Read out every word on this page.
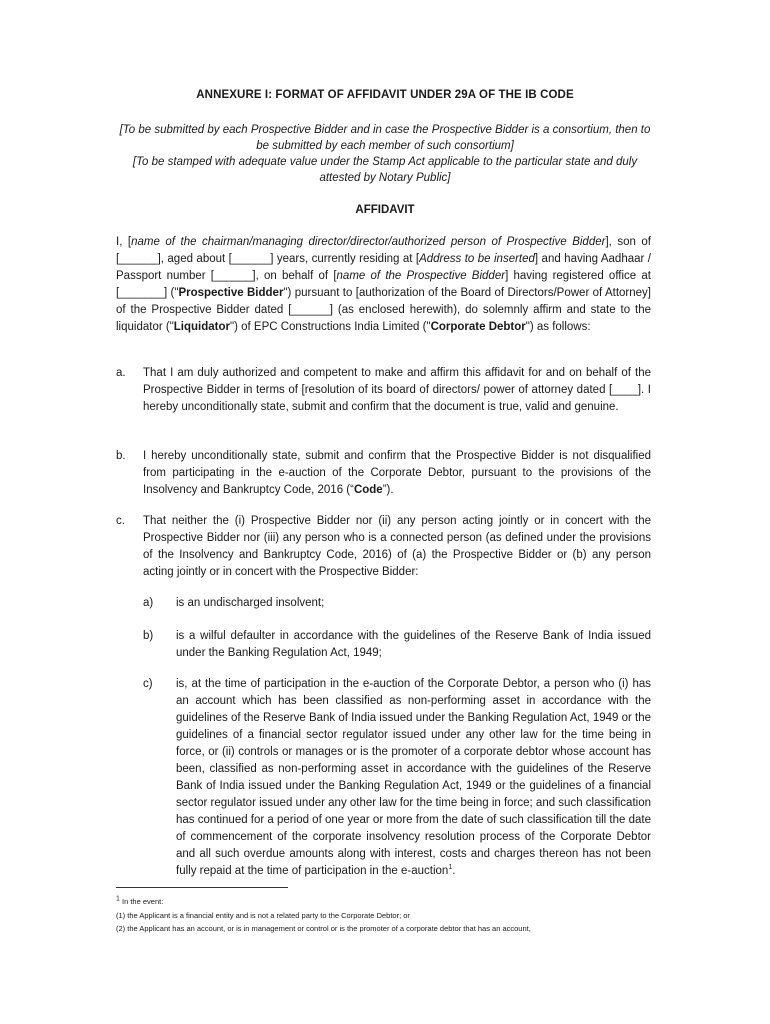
ANNEXURE I: FORMAT OF AFFIDAVIT UNDER 29A OF THE IB CODE
[To be submitted by each Prospective Bidder and in case the Prospective Bidder is a consortium, then to be submitted by each member of such consortium]
[To be stamped with adequate value under the Stamp Act applicable to the particular state and duly attested by Notary Public]
AFFIDAVIT
I, [name of the chairman/managing director/director/authorized person of Prospective Bidder], son of [______], aged about [______] years, currently residing at [Address to be inserted] and having Aadhaar / Passport number [______], on behalf of [name of the Prospective Bidder] having registered office at [_______] ("Prospective Bidder") pursuant to [authorization of the Board of Directors/Power of Attorney] of the Prospective Bidder dated [______] (as enclosed herewith), do solemnly affirm and state to the liquidator ("Liquidator") of EPC Constructions India Limited ("Corporate Debtor") as follows:
a.	That I am duly authorized and competent to make and affirm this affidavit for and on behalf of the Prospective Bidder in terms of [resolution of its board of directors/ power of attorney dated [____]. I hereby unconditionally state, submit and confirm that the document is true, valid and genuine.
b.	I hereby unconditionally state, submit and confirm that the Prospective Bidder is not disqualified from participating in the e-auction of the Corporate Debtor, pursuant to the provisions of the Insolvency and Bankruptcy Code, 2016 (“Code”).
c.	That neither the (i) Prospective Bidder nor (ii) any person acting jointly or in concert with the Prospective Bidder nor (iii) any person who is a connected person (as defined under the provisions of the Insolvency and Bankruptcy Code, 2016) of (a) the Prospective Bidder or (b) any person acting jointly or in concert with the Prospective Bidder:
a)	is an undischarged insolvent;
b)	is a wilful defaulter in accordance with the guidelines of the Reserve Bank of India issued under the Banking Regulation Act, 1949;
c)	is, at the time of participation in the e-auction of the Corporate Debtor, a person who (i) has an account which has been classified as non-performing asset in accordance with the guidelines of the Reserve Bank of India issued under the Banking Regulation Act, 1949 or the guidelines of a financial sector regulator issued under any other law for the time being in force, or (ii) controls or manages or is the promoter of a corporate debtor whose account has been, classified as non-performing asset in accordance with the guidelines of the Reserve Bank of India issued under the Banking Regulation Act, 1949 or the guidelines of a financial sector regulator issued under any other law for the time being in force; and such classification has continued for a period of one year or more from the date of such classification till the date of commencement of the corporate insolvency resolution process of the Corporate Debtor and all such overdue amounts along with interest, costs and charges thereon has not been fully repaid at the time of participation in the e-auction$^1$.
$^1$ In the event:
(1) the Applicant is a financial entity and is not a related party to the Corporate Debtor; or
(2) the Applicant has an account, or is in management or control or is the promoter of a corporate debtor that has an account,
